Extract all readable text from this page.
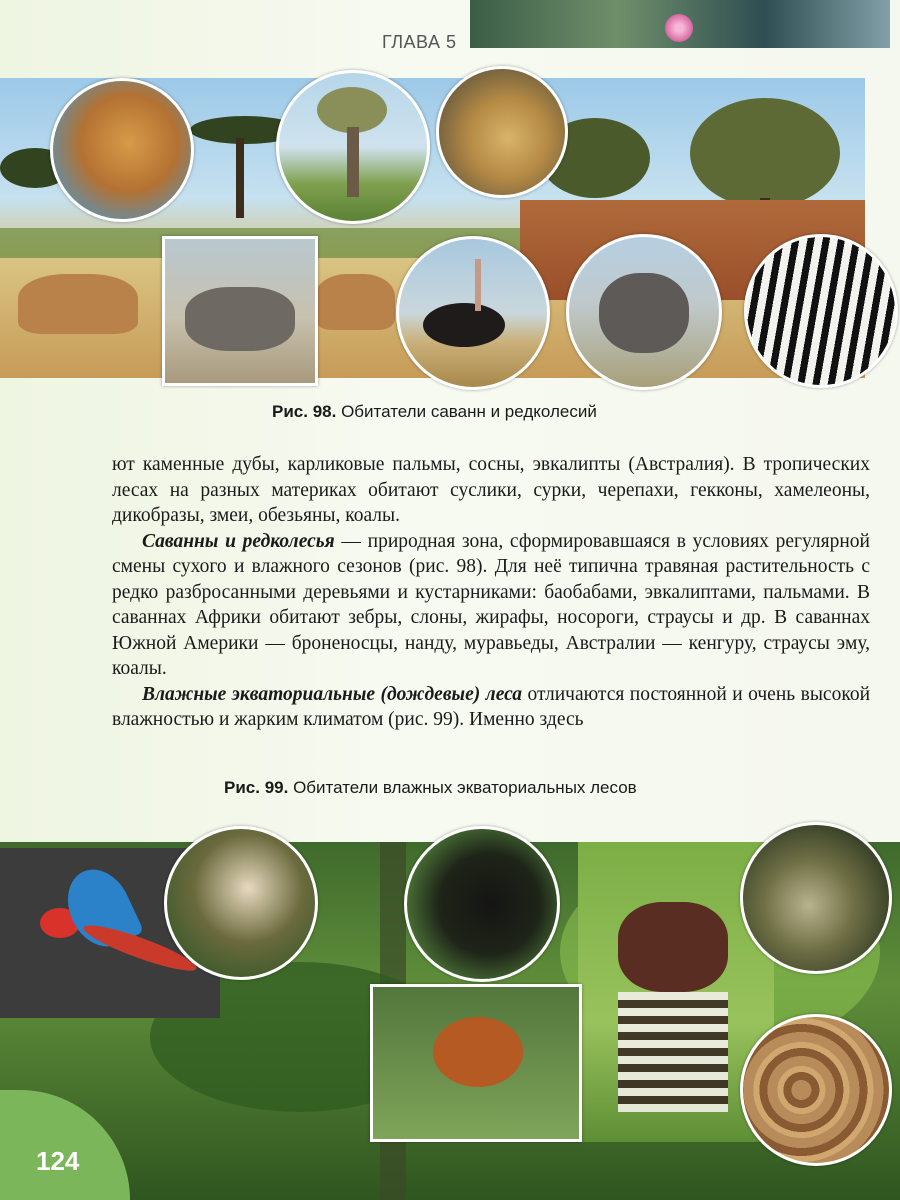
ГЛАВА 5
Рис. 98. Обитатели саванн и редколесий

ют каменные дубы, карликовые пальмы, сосны, эвкалипты (Австралия). В тропических лесах на разных материках обитают суслики, сурки, черепахи, гекконы, хамелеоны, дикобразы, змеи, обезьяны, коалы.

Саванны и редколесья — природная зона, сформировавшаяся в условиях регулярной смены сухого и влажного сезонов (рис. 98). Для неё типична травяная растительность с редко разбросанными деревьями и кустарниками: баобабами, эвкалиптами, пальмами. В саваннах Африки обитают зебры, слоны, жирафы, носороги, страусы и др. В саваннах Южной Америки — броненосцы, нанду, муравьеды, Австралии — кенгуру, страусы эму, коалы.

Влажные экваториальные (дождевые) леса отличаются постоянной и очень высокой влажностью и жарким климатом (рис. 99). Именно здесь

Рис. 99. Обитатели влажных экваториальных лесов
124
